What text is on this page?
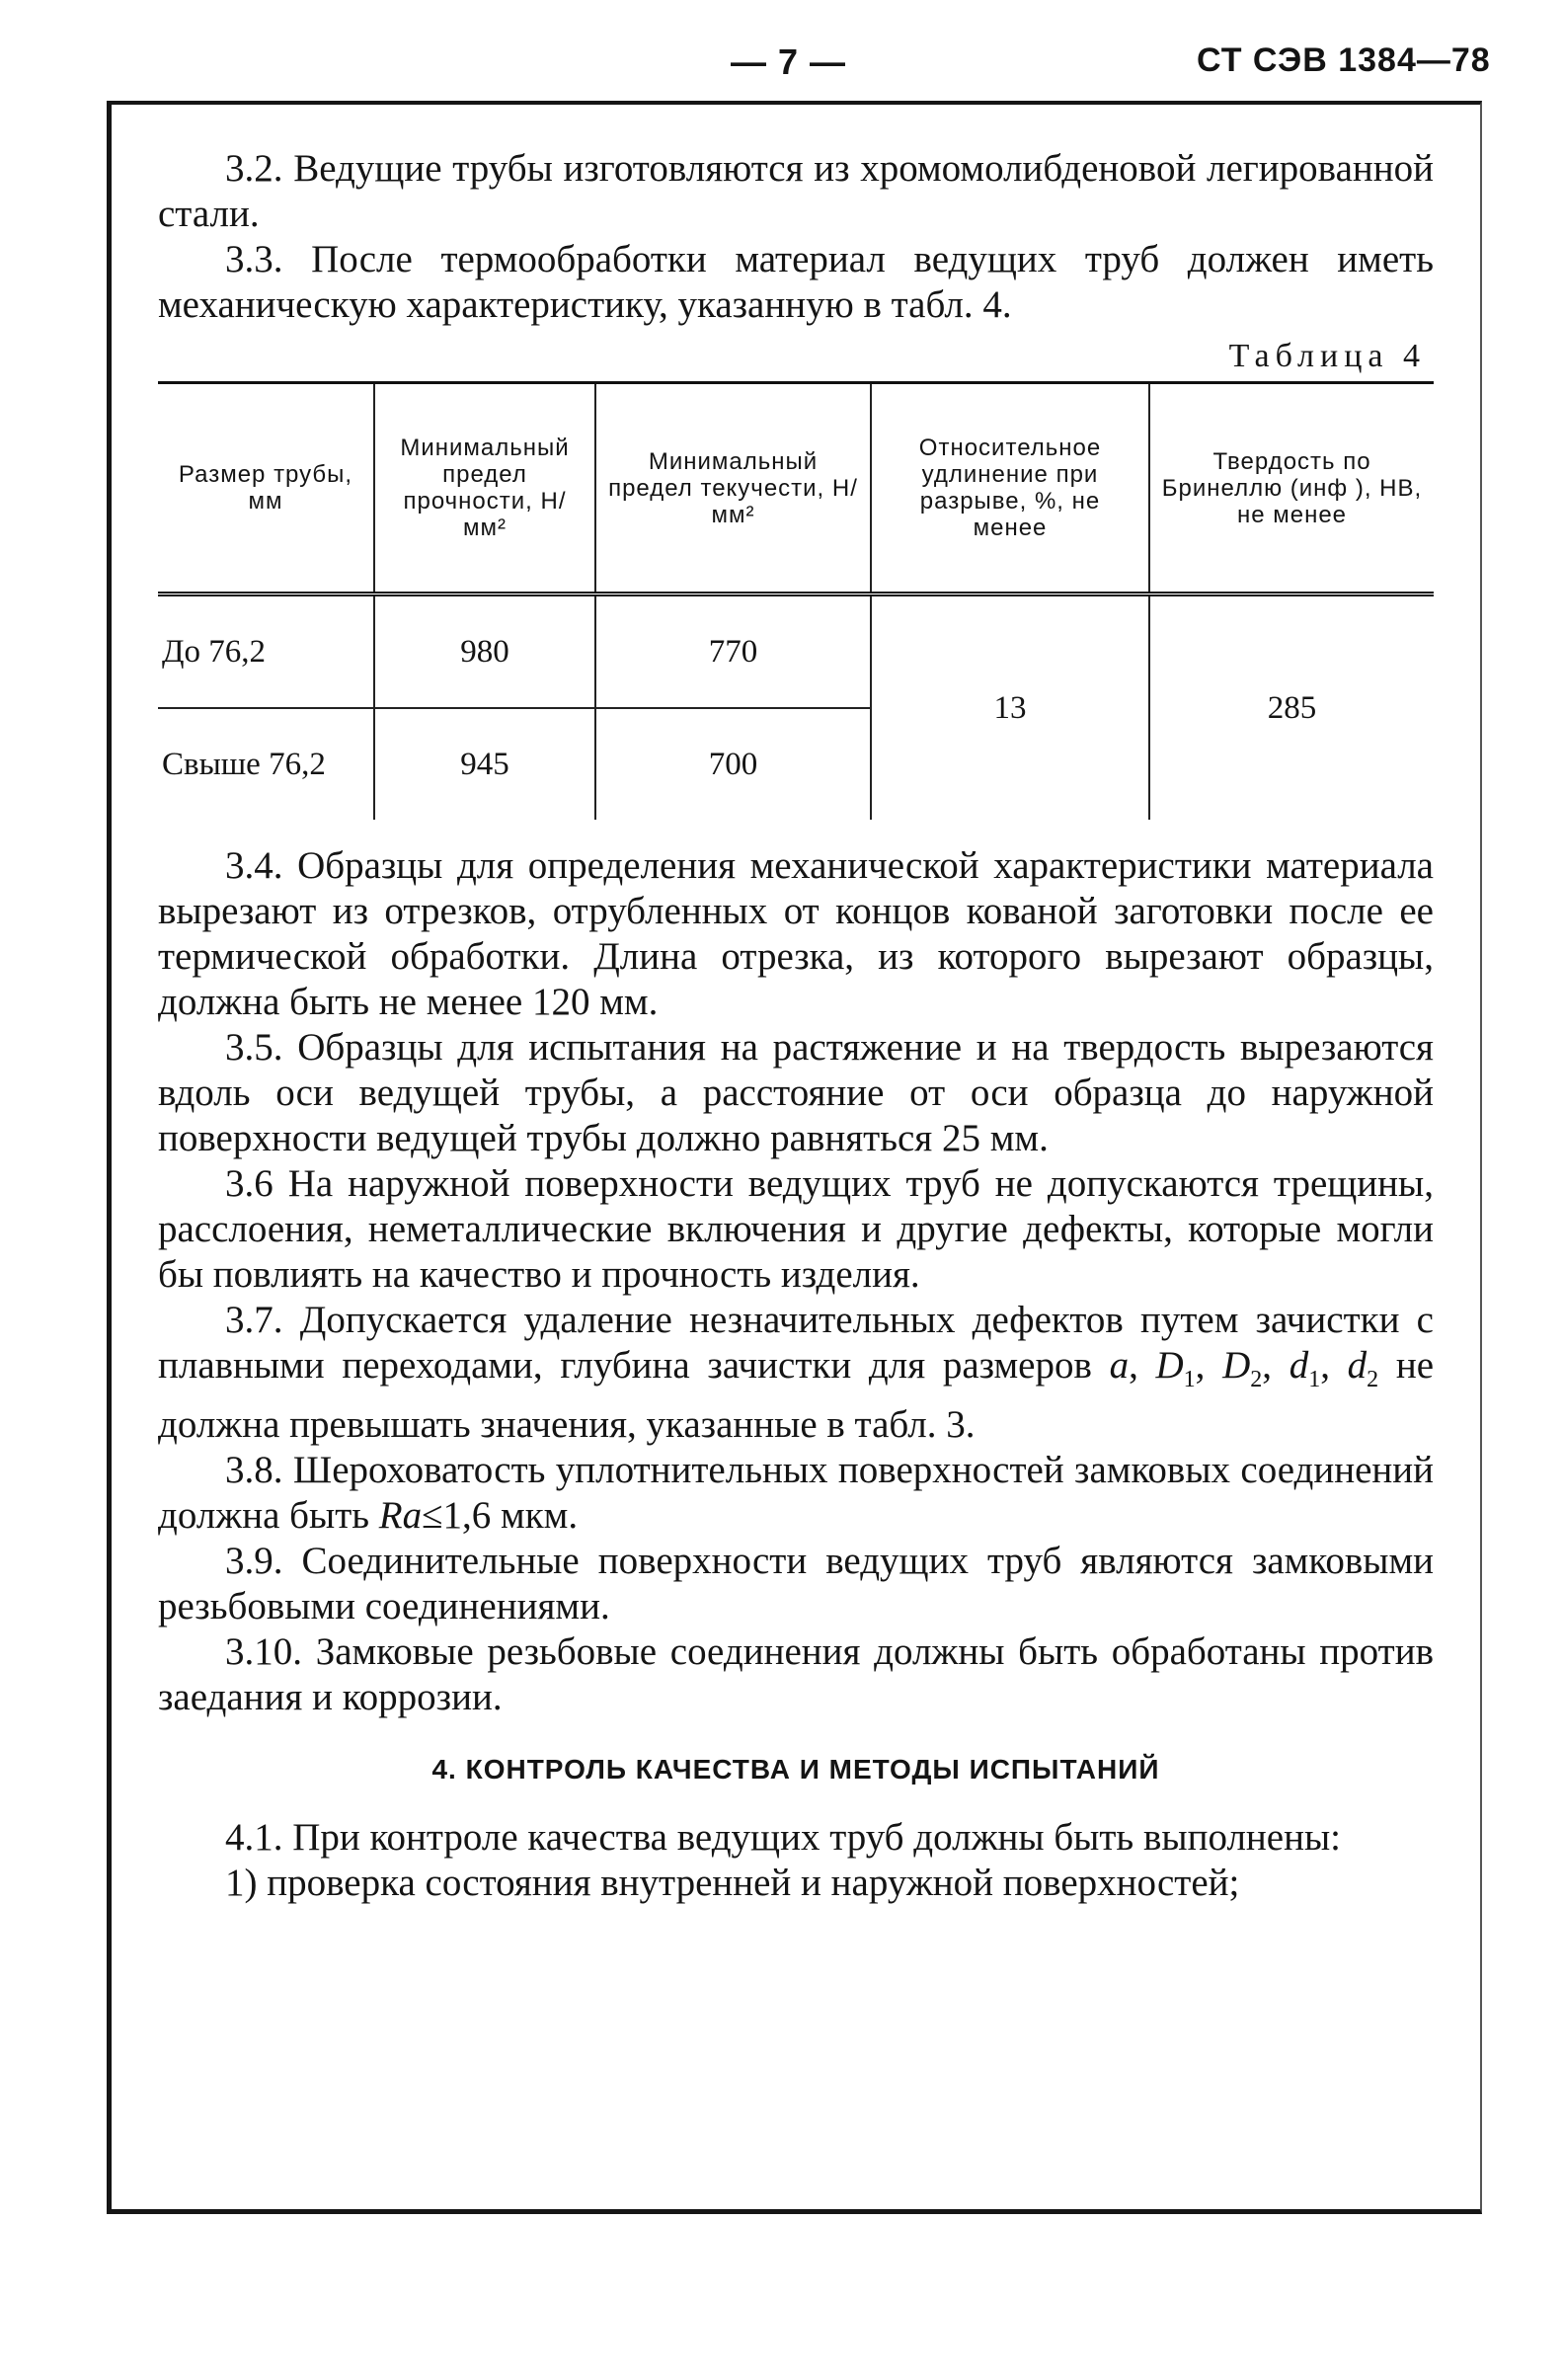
— 7 —	СТ СЭВ 1384—78

3.2. Ведущие трубы изготовляются из хромомолибденовой легированной стали.

3.3. После термообработки материал ведущих труб должен иметь механическую характеристику, указанную в табл. 4.

Таблица 4
Размер трубы, мм	Минимальный предел прочности, Н/мм²	Минимальный предел текучести, Н/мм²	Относительное удлинение при разрыве, %, не менее	Твердость по Бринеллю (инф ), НВ, не менее
До 76,2	980	770	13	285
Свыше 76,2	945	700		

3.4. Образцы для определения механической характеристики материала вырезают из отрезков, отрубленных от концов кованой заготовки после ее термической обработки. Длина отрезка, из которого вырезают образцы, должна быть не менее 120 мм.

3.5. Образцы для испытания на растяжение и на твердость вырезаются вдоль оси ведущей трубы, а расстояние от оси образца до наружной поверхности ведущей трубы должно равняться 25 мм.

3.6 На наружной поверхности ведущих труб не допускаются трещины, расслоения, неметаллические включения и другие дефекты, которые могли бы повлиять на качество и прочность изделия.

3.7. Допускается удаление незначительных дефектов путем зачистки с плавными переходами, глубина зачистки для размеров a, $D_1$, $D_2$, $d_1$, $d_2$ не должна превышать значения, указанные в табл. 3.

3.8. Шероховатость уплотнительных поверхностей замковых соединений должна быть Ra≤1,6 мкм.

3.9. Соединительные поверхности ведущих труб являются замковыми резьбовыми соединениями.

3.10. Замковые резьбовые соединения должны быть обработаны против заедания и коррозии.

4. КОНТРОЛЬ КАЧЕСТВА И МЕТОДЫ ИСПЫТАНИЙ

4.1. При контроле качества ведущих труб должны быть выполнены:

1) проверка состояния внутренней и наружной поверхностей;
